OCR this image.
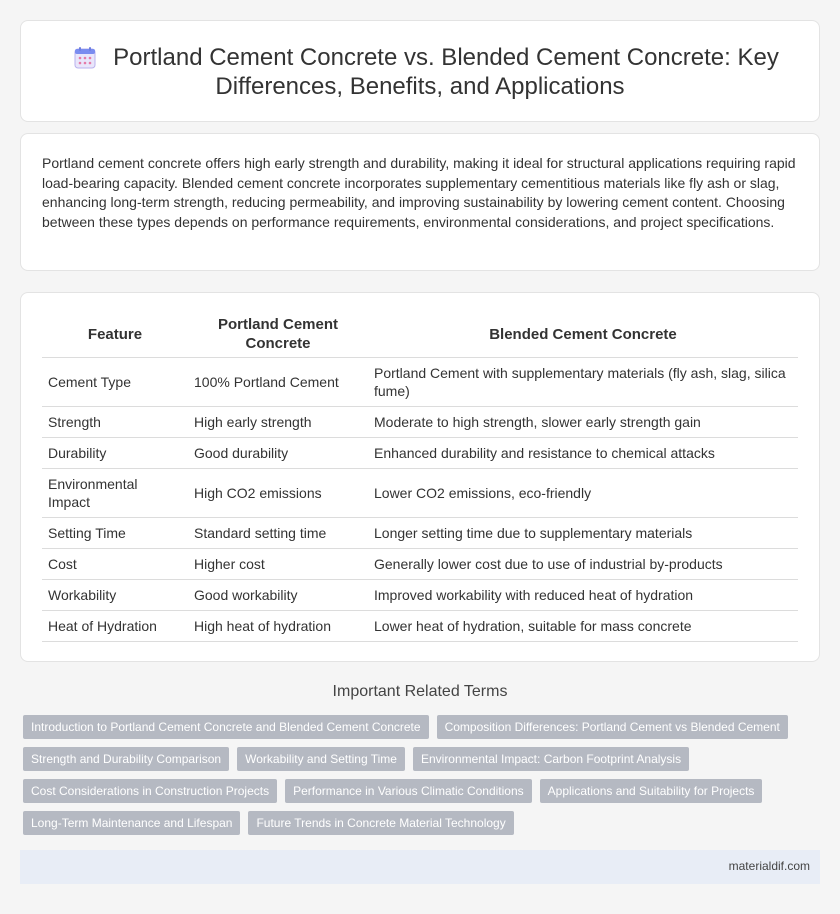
Portland Cement Concrete vs. Blended Cement Concrete: Key
Differences, Benefits, and Applications

Portland cement concrete offers high early strength and durability, making it ideal for structural applications requiring rapid load-bearing capacity. Blended cement concrete incorporates supplementary cementitious materials like fly ash or slag, enhancing long-term strength, reducing permeability, and improving sustainability by lowering cement content. Choosing between these types depends on performance requirements, environmental considerations, and project specifications.

Feature	Portland Cement Concrete	Blended Cement Concrete
Cement Type	100% Portland Cement	Portland Cement with supplementary materials (fly ash, slag, silica fume)
Strength	High early strength	Moderate to high strength, slower early strength gain
Durability	Good durability	Enhanced durability and resistance to chemical attacks
Environmental Impact	High CO2 emissions	Lower CO2 emissions, eco-friendly
Setting Time	Standard setting time	Longer setting time due to supplementary materials
Cost	Higher cost	Generally lower cost due to use of industrial by-products
Workability	Good workability	Improved workability with reduced heat of hydration
Heat of Hydration	High heat of hydration	Lower heat of hydration, suitable for mass concrete
Important Related Terms
Introduction to Portland Cement Concrete and Blended Cement Concrete	Composition Differences: Portland Cement vs Blended Cement
Strength and Durability Comparison	Workability and Setting Time	Environmental Impact: Carbon Footprint Analysis
Cost Considerations in Construction Projects	Performance in Various Climatic Conditions	Applications and Suitability for Projects
Long-Term Maintenance and Lifespan	Future Trends in Concrete Material Technology
materialdif.com
